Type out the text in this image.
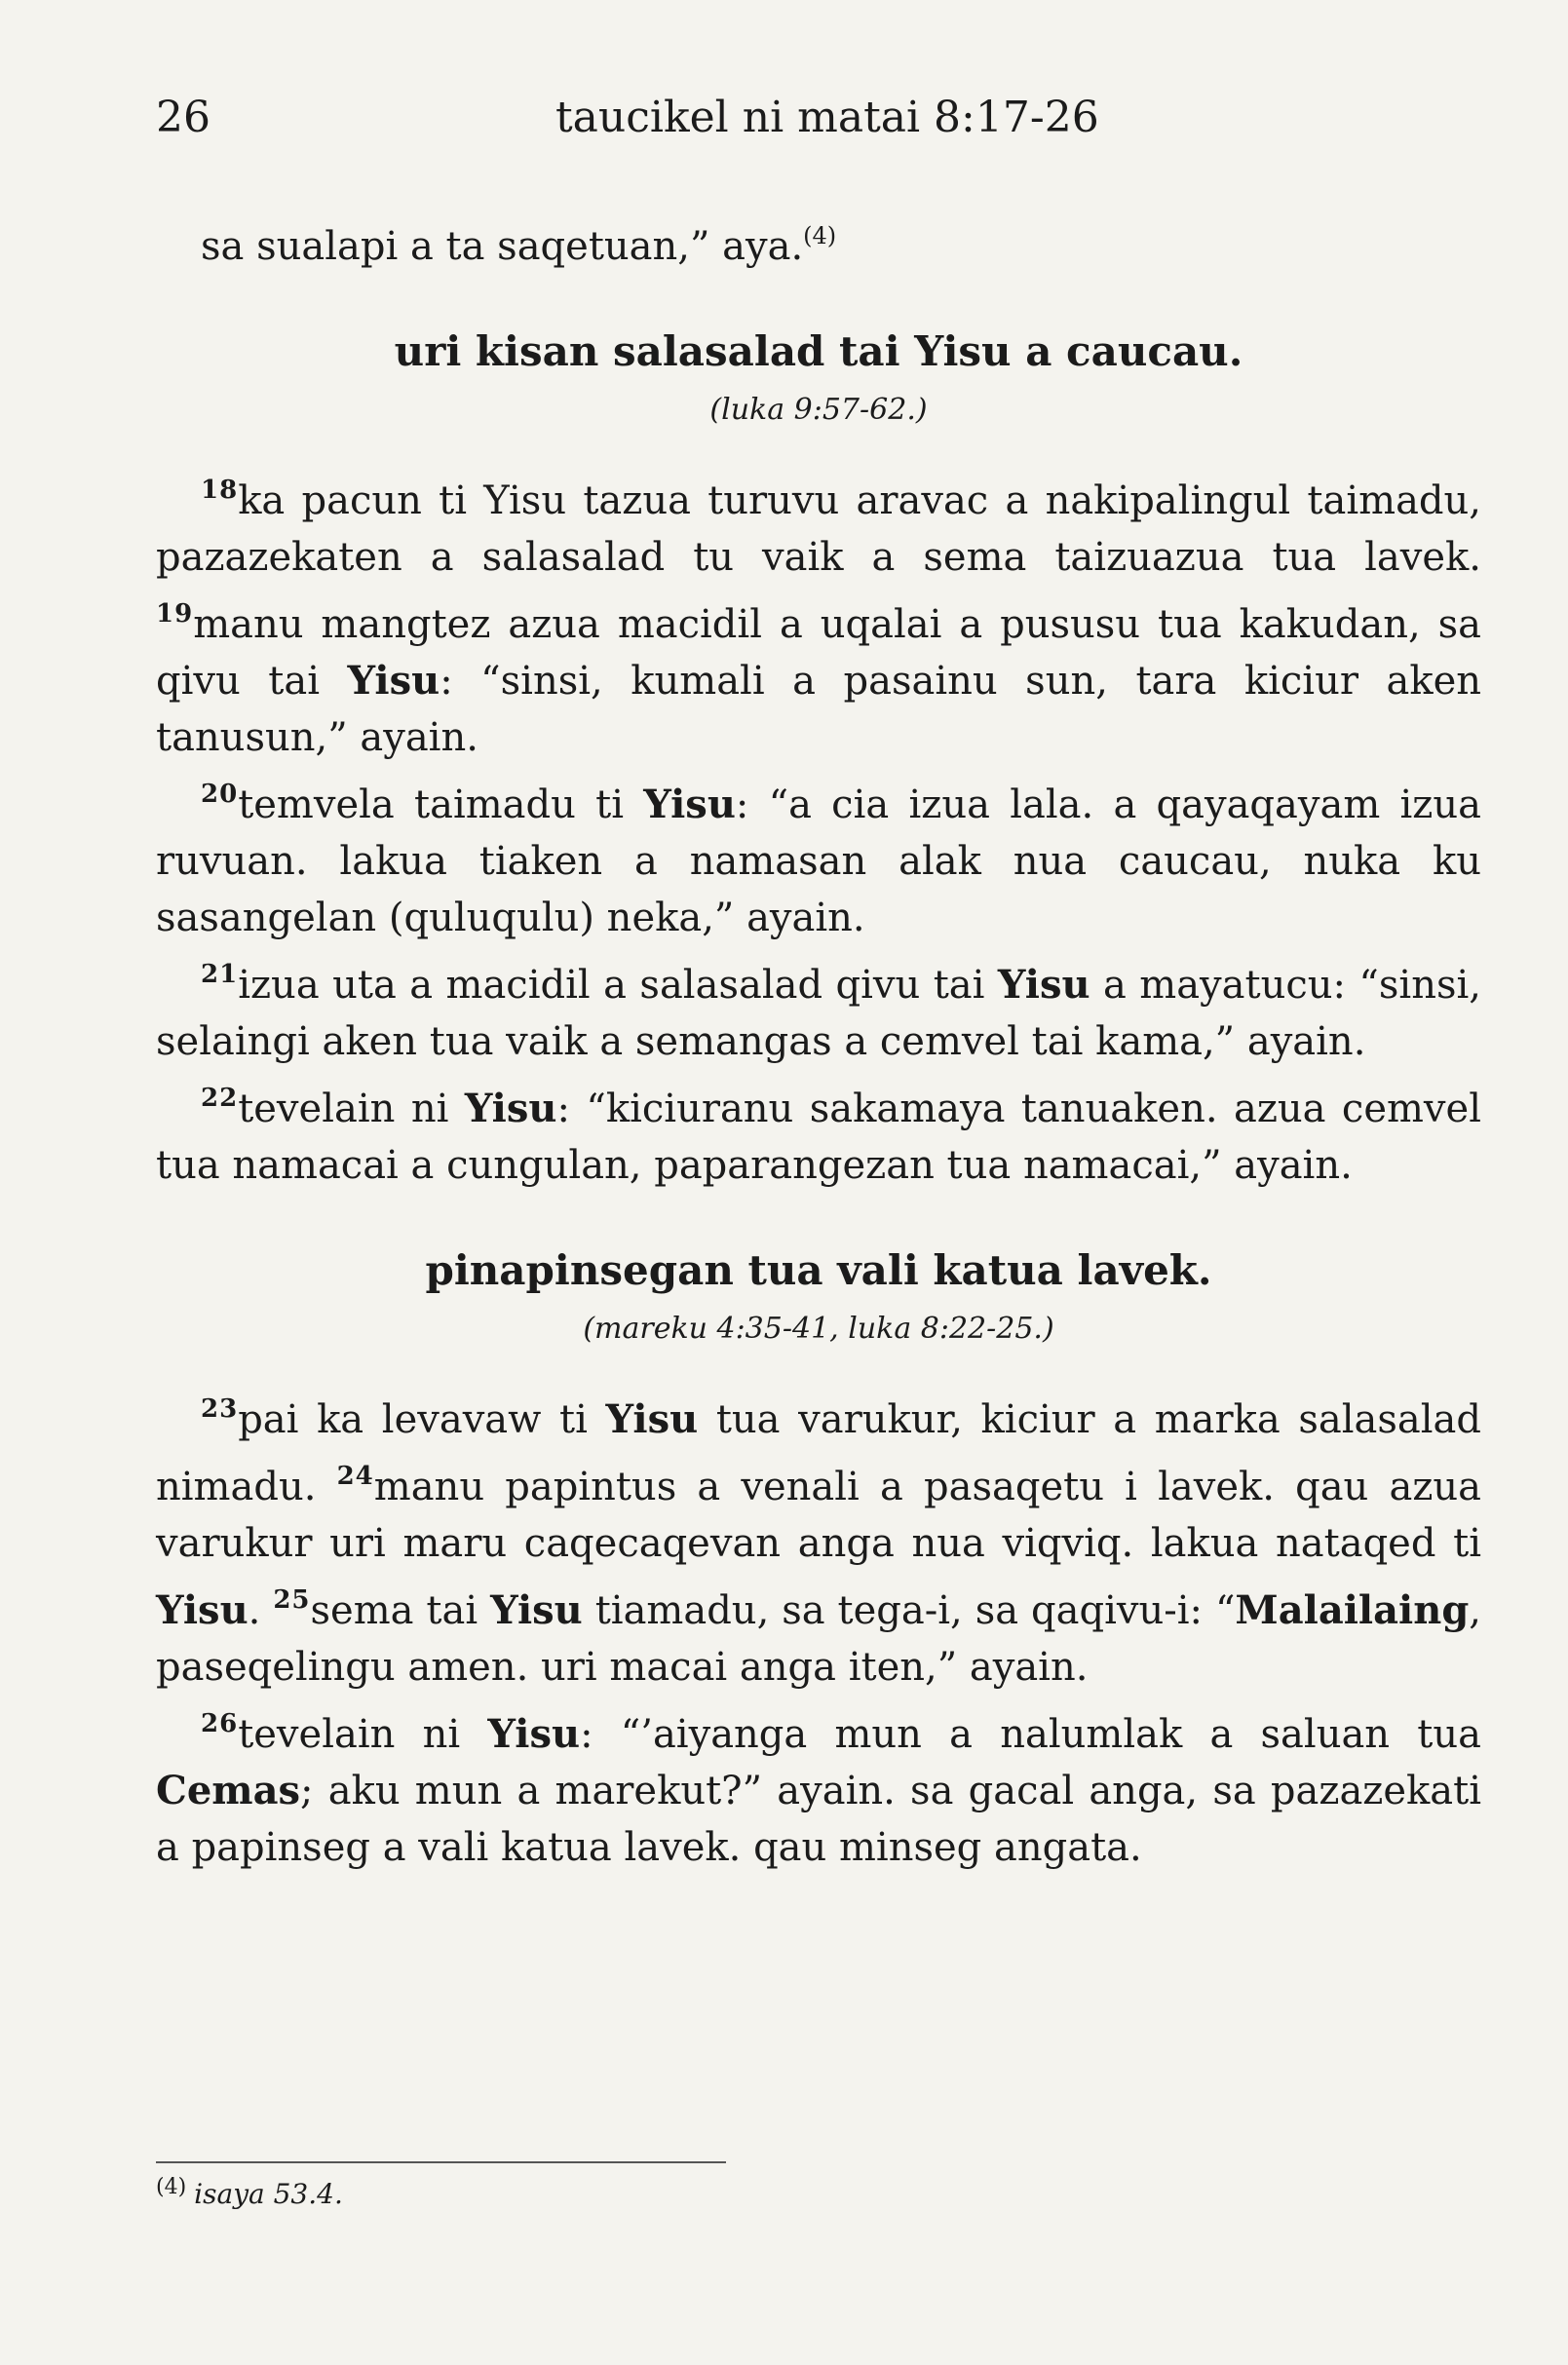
26	taucikel ni matai 8:17-26

sa sualapi a ta saqetuan,” aya.$^{(4)}$

uri kisan salasalad tai Yisu a caucau.
(luka 9:57-62.)

$^{18}$ka pacun ti Yisu tazua turuvu aravac a nakipalingul taimadu, pazazekaten a salasalad tu vaik a sema taizuazua tua lavek. $^{19}$manu mangtez azua macidil a uqalai a pususu tua kakudan, sa qivu tai Yisu: “sinsi, kumali a pasainu sun, tara kiciur aken tanusun,” ayain.

$^{20}$temvela taimadu ti Yisu: “a cia izua lala. a qayaqayam izua ruvuan. lakua tiaken a namasan alak nua caucau, nuka ku sasangelan (quluqulu) neka,” ayain.

$^{21}$izua uta a macidil a salasalad qivu tai Yisu a mayatucu: “sinsi, selaingi aken tua vaik a semangas a cemvel tai kama,” ayain.

$^{22}$tevelain ni Yisu: “kiciuranu sakamaya tanuaken. azua cemvel tua namacai a cungulan, paparangezan tua namacai,” ayain.

pinapinsegan tua vali katua lavek.
(mareku 4:35-41, luka 8:22-25.)

$^{23}$pai ka levavaw ti Yisu tua varukur, kiciur a marka salasalad nimadu. $^{24}$manu papintus a venali a pasaqetu i lavek. qau azua varukur uri maru caqecaqevan anga nua viqviq. lakua nataqed ti Yisu. $^{25}$sema tai Yisu tiamadu, sa tega-i, sa qaqivu-i: “Malailaing, paseqelingu amen. uri macai anga iten,” ayain.

$^{26}$tevelain ni Yisu: “’aiyanga mun a nalumlak a saluan tua Cemas; aku mun a marekut?” ayain. sa gacal anga, sa pazazekati a papinseg a vali katua lavek. qau minseg angata.

$^{(4)}$ isaya 53.4.
